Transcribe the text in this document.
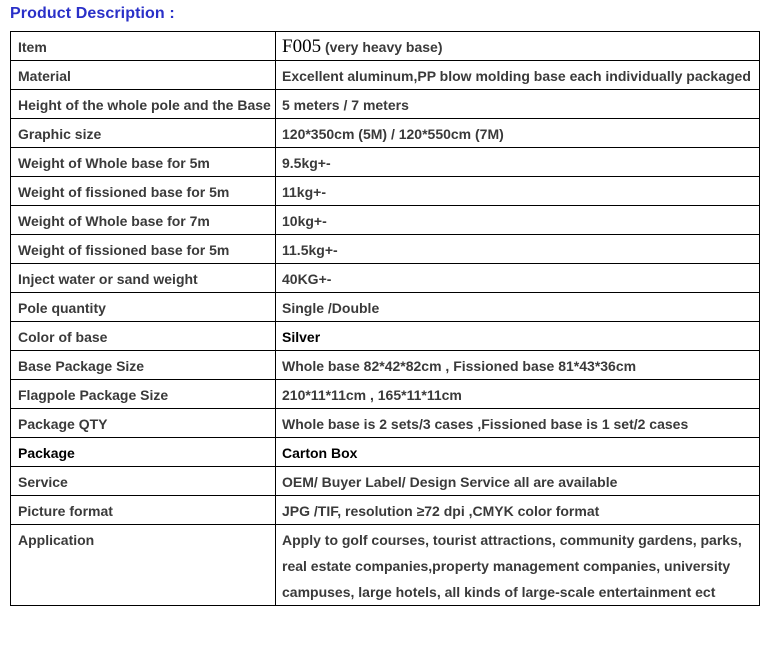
Product Description :
Item	F005 (very heavy base)
Material	Excellent aluminum,PP blow molding base each individually packaged
Height of the whole pole and the Base	5 meters / 7 meters
Graphic size	120*350cm (5M) / 120*550cm (7M)
Weight of Whole base for 5m	9.5kg+-
Weight of fissioned base for 5m	11kg+-
Weight of Whole base for 7m	10kg+-
Weight of fissioned base for 5m	11.5kg+-
Inject water or sand weight	40KG+-
Pole quantity	Single /Double
Color of base	Silver
Base Package Size	Whole base 82*42*82cm , Fissioned base 81*43*36cm
Flagpole Package Size	210*11*11cm , 165*11*11cm
Package QTY	Whole base is 2 sets/3 cases ,Fissioned base is 1 set/2 cases
Package	Carton Box
Service	OEM/ Buyer Label/ Design Service all are available
Picture format	JPG /TIF, resolution ≥72 dpi ,CMYK color format
Application	Apply to golf courses, tourist attractions, community gardens, parks, real estate companies,property management companies, university campuses, large hotels, all kinds of large-scale entertainment ect
